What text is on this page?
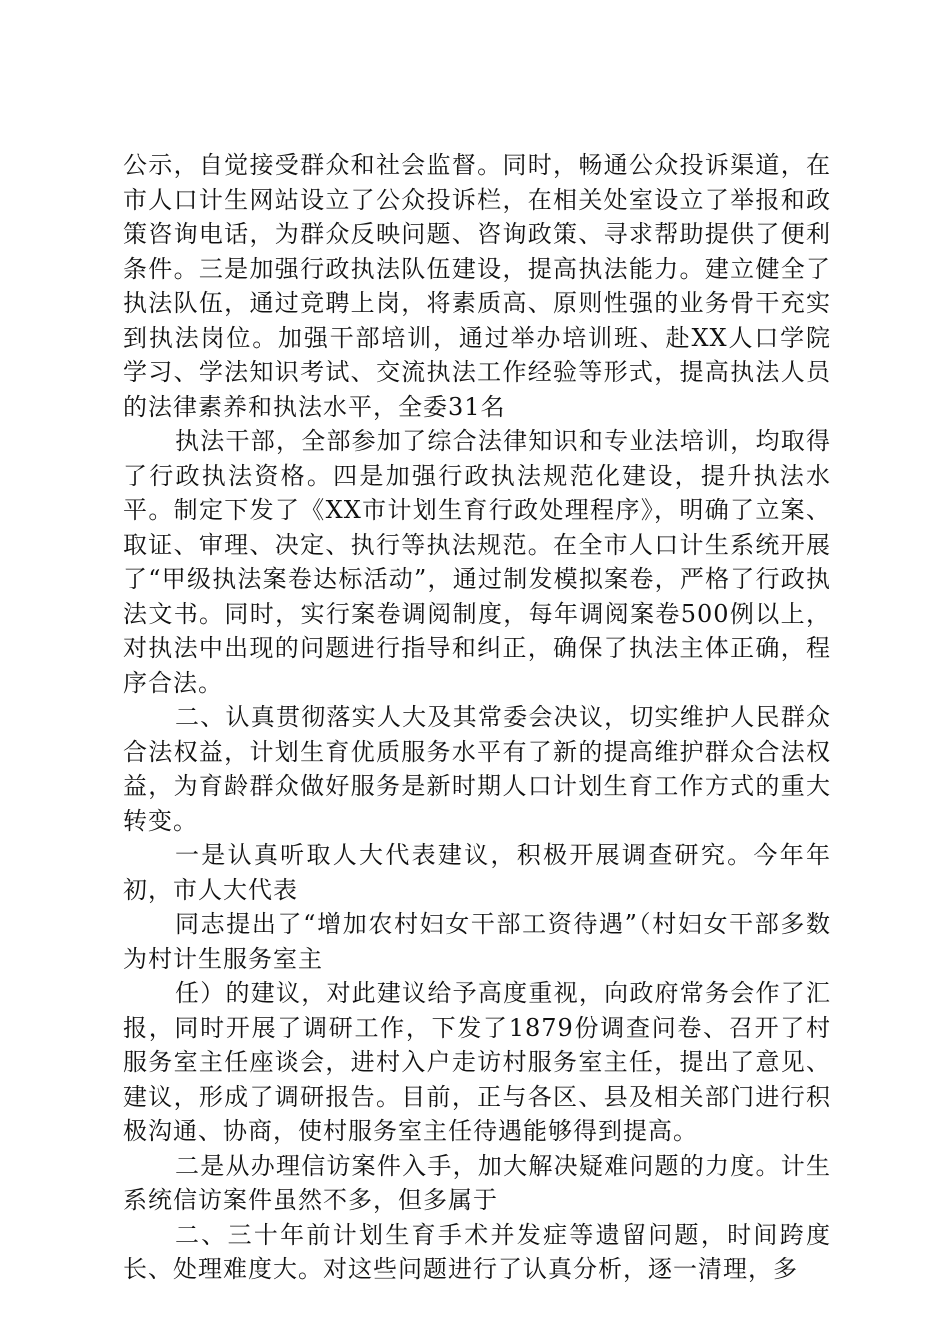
公示，自觉接受群众和社会监督。同时，畅通公众投诉渠道，在市人口计生网站设立了公众投诉栏，在相关处室设立了举报和政策咨询电话，为群众反映问题、咨询政策、寻求帮助提供了便利条件。三是加强行政执法队伍建设，提高执法能力。建立健全了执法队伍，通过竞聘上岗，将素质高、原则性强的业务骨干充实到执法岗位。加强干部培训，通过举办培训班、赴XX人口学院学习、学法知识考试、交流执法工作经验等形式，提高执法人员的法律素养和执法水平，全委31名

执法干部，全部参加了综合法律知识和专业法培训，均取得了行政执法资格。四是加强行政执法规范化建设，提升执法水平。制定下发了《XX市计划生育行政处理程序》，明确了立案、取证、审理、决定、执行等执法规范。在全市人口计生系统开展了“甲级执法案卷达标活动”，通过制发模拟案卷，严格了行政执法文书。同时，实行案卷调阅制度，每年调阅案卷500例以上，对执法中出现的问题进行指导和纠正，确保了执法主体正确，程序合法。

二、认真贯彻落实人大及其常委会决议，切实维护人民群众合法权益，计划生育优质服务水平有了新的提高维护群众合法权益，为育龄群众做好服务是新时期人口计划生育工作方式的重大转变。

一是认真听取人大代表建议，积极开展调查研究。今年年初，市人大代表

同志提出了“增加农村妇女干部工资待遇”（村妇女干部多数为村计生服务室主

任）的建议，对此建议给予高度重视，向政府常务会作了汇报，同时开展了调研工作，下发了1879份调查问卷、召开了村服务室主任座谈会，进村入户走访村服务室主任，提出了意见、建议，形成了调研报告。目前，正与各区、县及相关部门进行积极沟通、协商，使村服务室主任待遇能够得到提高。

二是从办理信访案件入手，加大解决疑难问题的力度。计生系统信访案件虽然不多，但多属于

二、三十年前计划生育手术并发症等遗留问题，时间跨度长、处理难度大。对这些问题进行了认真分析，逐一清理，多
